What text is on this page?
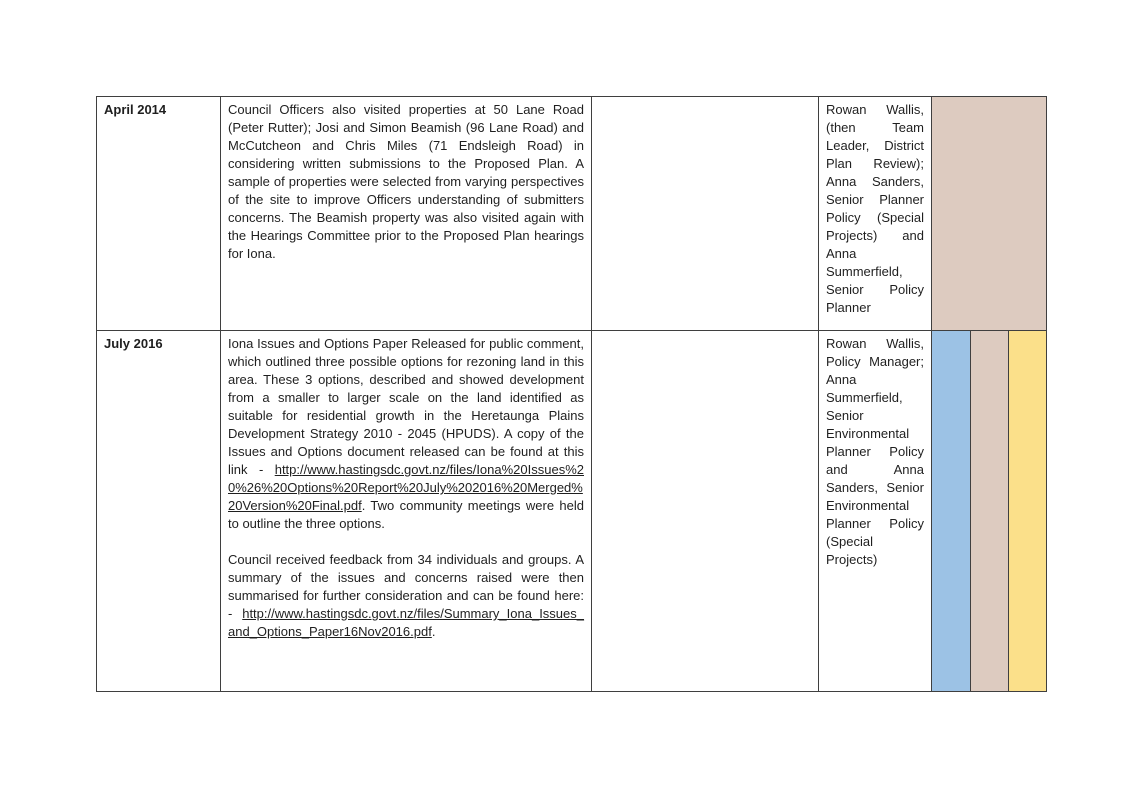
April 2014	Council Officers also visited properties at 50 Lane Road (Peter Rutter); Josi and Simon Beamish (96 Lane Road) and McCutcheon and Chris Miles (71 Endsleigh Road) in considering written submissions to the Proposed Plan. A sample of properties were selected from varying perspectives of the site to improve Officers understanding of submitters concerns. The Beamish property was also visited again with the Hearings Committee prior to the Proposed Plan hearings for Iona.		Rowan Wallis, (then Team Leader, District Plan Review); Anna Sanders, Senior Planner Policy (Special Projects) and Anna Summerfield, Senior Policy Planner			
July 2016	Iona Issues and Options Paper Released for public comment, which outlined three possible options for rezoning land in this area. These 3 options, described and showed development from a smaller to larger scale on the land identified as suitable for residential growth in the Heretaunga Plains Development Strategy 2010 - 2045 (HPUDS). A copy of the Issues and Options document released can be found at this link - http://www.hastingsdc.govt.nz/files/Iona%20Issues%20%26%20Options%20Report%20July%202016%20Merged%20Version%20Final.pdf. Two community meetings were held to outline the three options.

Council received feedback from 34 individuals and groups. A summary of the issues and concerns raised were then summarised for further consideration and can be found here: - http://www.hastingsdc.govt.nz/files/Summary_Iona_Issues_and_Options_Paper16Nov2016.pdf.		Rowan Wallis, Policy Manager; Anna Summerfield, Senior Environmental Planner Policy and Anna Sanders, Senior Environmental Planner Policy (Special Projects)			
